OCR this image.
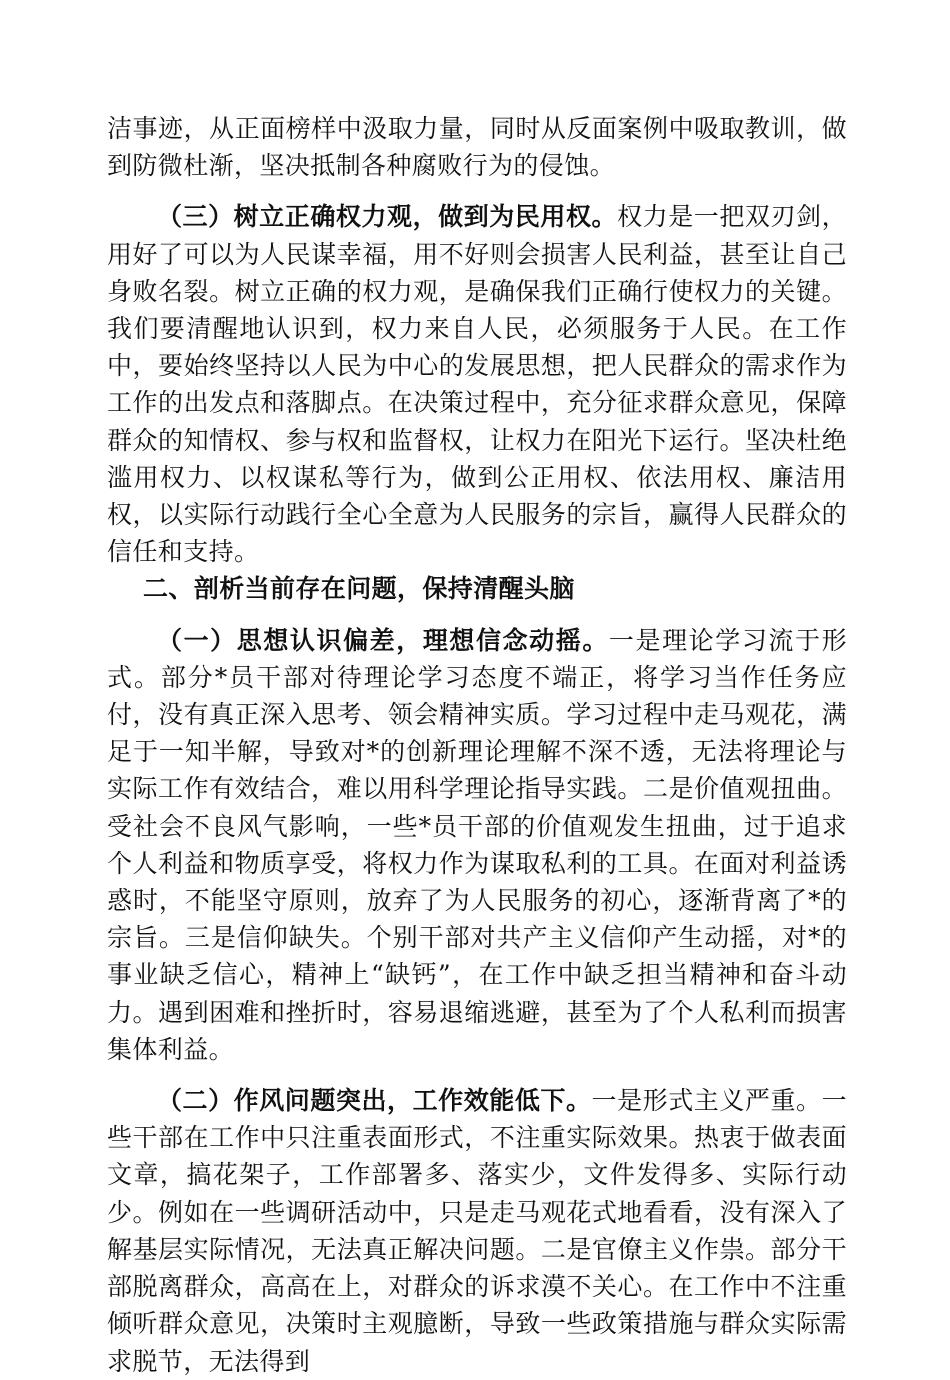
洁事迹，从正面榜样中汲取力量，同时从反面案例中吸取教训，做到防微杜渐，坚决抵制各种腐败行为的侵蚀。

（三）树立正确权力观，做到为民用权。权力是一把双刃剑，用好了可以为人民谋幸福，用不好则会损害人民利益，甚至让自己身败名裂。树立正确的权力观，是确保我们正确行使权力的关键。我们要清醒地认识到，权力来自人民，必须服务于人民。在工作中，要始终坚持以人民为中心的发展思想，把人民群众的需求作为工作的出发点和落脚点。在决策过程中，充分征求群众意见，保障群众的知情权、参与权和监督权，让权力在阳光下运行。坚决杜绝滥用权力、以权谋私等行为，做到公正用权、依法用权、廉洁用权，以实际行动践行全心全意为人民服务的宗旨，赢得人民群众的信任和支持。

二、剖析当前存在问题，保持清醒头脑

（一）思想认识偏差，理想信念动摇。一是理论学习流于形式。部分*员干部对待理论学习态度不端正，将学习当作任务应付，没有真正深入思考、领会精神实质。学习过程中走马观花，满足于一知半解，导致对*的创新理论理解不深不透，无法将理论与实际工作有效结合，难以用科学理论指导实践。二是价值观扭曲。受社会不良风气影响，一些*员干部的价值观发生扭曲，过于追求个人利益和物质享受，将权力作为谋取私利的工具。在面对利益诱惑时，不能坚守原则，放弃了为人民服务的初心，逐渐背离了*的宗旨。三是信仰缺失。个别干部对共产主义信仰产生动摇，对*的事业缺乏信心，精神上“缺钙”，在工作中缺乏担当精神和奋斗动力。遇到困难和挫折时，容易退缩逃避，甚至为了个人私利而损害集体利益。

（二）作风问题突出，工作效能低下。一是形式主义严重。一些干部在工作中只注重表面形式，不注重实际效果。热衷于做表面文章，搞花架子，工作部署多、落实少，文件发得多、实际行动少。例如在一些调研活动中，只是走马观花式地看看，没有深入了解基层实际情况，无法真正解决问题。二是官僚主义作祟。部分干部脱离群众，高高在上，对群众的诉求漠不关心。在工作中不注重倾听群众意见，决策时主观臆断，导致一些政策措施与群众实际需求脱节，无法得到
